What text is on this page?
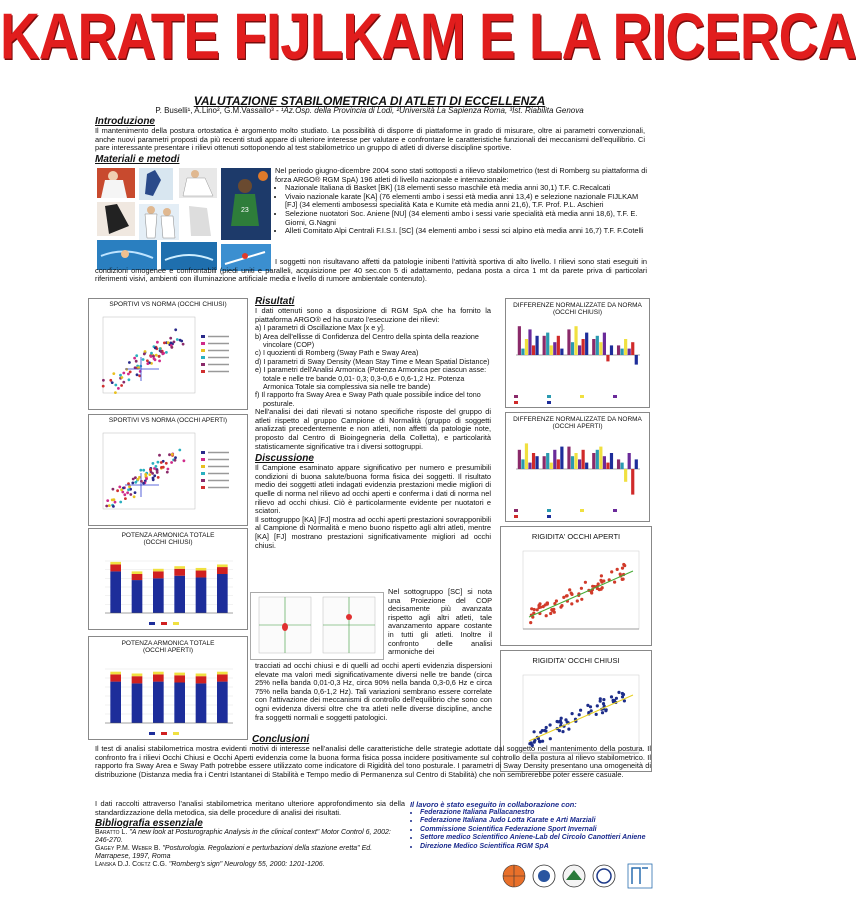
KARATE FIJLKAM E LA RICERCA
VALUTAZIONE STABILOMETRICA DI ATLETI DI ECCELLENZA
P. Buselli¹, A.Lino², G.M.Vassallo³ - ¹Az.Osp. della Provincia di Lodi, ²Università La Sapienza Roma, ³Ist. Riabilita Genova
Introduzione
Il mantenimento della postura ortostatica è argomento molto studiato. La possibilità di disporre di piattaforme in grado di misurare, oltre ai parametri convenzionali, anche nuovi parametri proposti da più recenti studi appare di ulteriore interesse per valutare e confrontare le caratteristiche funzionali dei meccanismi dell'equilibrio. Ci pare interessante presentare i rilievi ottenuti sottoponendo al test stabilometrico un gruppo di atleti di diverse discipline sportive.
Materiali e metodi
23
Nel periodo giugno-dicembre 2004 sono stati sottoposti a rilievo stabilometrico (test di Romberg su piattaforma di forza ARGO® RGM SpA) 196 atleti di livello nazionale e internazionale:
• Nazionale Italiana di Basket [BK] (18 elementi sesso maschile età media anni 30,1) T.F. C.Recalcati
• Vivaio nazionale karate [KA] (76 elementi ambo i sessi età media anni 13,4) e selezione nazionale FIJLKAM [FJ] (34 elementi ambosessi specialità Kata e Kumite età media anni 21,6), T.F. Prof. P.L. Aschieri
• Selezione nuotatori Soc. Aniene [NU] (34 elementi ambo i sessi varie specialità età media anni 18,6), T.F. E. Giorni, G.Nagni
• Alleti Comitato Alpi Centrali F.I.S.I. [SC] (34 elementi ambo i sessi sci alpino età media anni 16,7) T.F. F.Cotelli
I soggetti non risultavano affetti da patologie inibenti l'attività sportiva di alto livello. I rilievi sono stati eseguiti in condizioni omogenee e confrontabili (piedi uniti e paralleli, acquisizione per 40 sec.con 5 di adattamento, pedana posta a circa 1 mt da parete priva di particolari riferimenti visivi, ambienti con illuminazione artificiale media e livello di rumore ambientale contenuto).
SPORTIVI VS NORMA (OCCHI CHIUSI)
SPORTIVI VS NORMA (OCCHI APERTI)
POTENZA ARMONICA TOTALE
(OCCHI CHIUSI)
POTENZA ARMONICA TOTALE
(OCCHI APERTI)
Risultati
I dati ottenuti sono a disposizione di RGM SpA che ha fornito la piattaforma ARGO® ed ha curato l'esecuzione dei rilievi:
a) I parametri di Oscillazione Max [x e y].
b) Area dell'ellisse di Confidenza del Centro della spinta della reazione vincolare (COP)
c) I quozienti di Romberg (Sway Path e Sway Area)
d) I parametri di Sway Density (Mean Stay Time e Mean Spatial Distance)
e) I parametri dell'Analisi Armonica (Potenza Armonica per ciascun asse: totale e nelle tre bande 0,01- 0,3; 0,3-0,6 e 0,6-1,2 Hz. Potenza Armonica Totale sia complessiva sia nelle tre bande)
f) Il rapporto fra Sway Area e Sway Path quale possibile indice del tono posturale.
Nell'analisi dei dati rilevati si notano specifiche risposte del gruppo di atleti rispetto al gruppo Campione di Normalità (gruppo di soggetti analizzati precedentemente e non atleti, non affetti da patologie note, proposto dal Centro di Bioingegneria della Colletta), e particolarità statisticamente significative tra i diversi sottogruppi.
Discussione
Il Campione esaminato appare significativo per numero e presumibili condizioni di buona salute/buona forma fisica dei soggetti. Il risultato medio dei soggetti atleti indagati evidenzia prestazioni medie migliori di quelle di norma nel rilievo ad occhi aperti e conferma i dati di norma nel rilievo ad occhi chiusi. Ciò è particolarmente evidente per nuotatori e sciatori.
Il sottogruppo [KA] [FJ] mostra ad occhi aperti prestazioni sovrapponibili al Campione di Normalità e meno buono rispetto agli altri atleti, mentre [KA] [FJ] mostrano prestazioni significativamente migliori ad occhi chiusi.
Nel sottogruppo [SC] si nota una Proiezione del COP decisamente più avanzata rispetto agli altri atleti, tale avanzamento appare costante in tutti gli atleti. Inoltre il confronto delle analisi armoniche dei
tracciati ad occhi chiusi e di quelli ad occhi aperti evidenzia dispersioni elevate ma valori medi significativamente diversi nelle tre bande (circa 25% nella banda 0,01-0,3 Hz, circa 90% nella banda 0,3-0,6 Hz e circa 75% nella banda 0,6-1,2 Hz). Tali variazioni sembrano essere correlate con l'attivazione dei meccanismi di controllo dell'equilibrio che sono con ogni evidenza diversi oltre che tra atleti nelle diverse discipline, anche fra soggetti normali e soggetti patologici.
DIFFERENZE NORMALIZZATE DA NORMA
(OCCHI CHIUSI)
DIFFERENZE NORMALIZZATE DA NORMA
(OCCHI APERTI)
RIGIDITA' OCCHI APERTI
RIGIDITA' OCCHI CHIUSI
Conclusioni
Il test di analisi stabilometrica mostra evidenti motivi di interesse nell'analisi delle caratteristiche delle strategie adottate dal soggetto nel mantenimento della postura. Il confronto fra i rilievi Occhi Chiusi e Occhi Aperti evidenzia come la buona forma fisica possa incidere positivamente sul controllo della postura al rilievo stabilometrico. Il rapporto fra Sway Area e Sway Path potrebbe essere utilizzato come indicatore di Rigidità del tono posturale. I parametri di Sway Density presentano una omogeneità di distribuzione (Distanza media fra i Centri Istantanei di Stabilità e Tempo medio di Permanenza sul Centro di Stabilità) che non sembrerebbe poter essere casuale.
I dati raccolti attraverso l'analisi stabilometrica meritano ulteriore approfondimento sia della standardizzazione della metodica, sia delle procedure di analisi dei risultati.
Bibliografia essenziale
Baratto L. "A new look at Posturographic Analysis in the clinical context" Motor Control 6, 2002: 246-270.
Gagey P.M. Weber B. "Posturologia. Regolazioni e perturbazioni della stazione eretta" Ed. Marrapese, 1997, Roma
Lanska D.J. Coetz C.G. "Romberg's sign" Neurology 55, 2000: 1201-1206.
Il lavoro è stato eseguito in collaborazione con:
• Federazione Italiana Pallacanestro
• Federazione Italiana Judo Lotta Karate e Arti Marziali
• Commissione Scientifica Federazione Sport Invernali
• Settore medico Scientifico Aniene-Lab del Circolo Canottieri Aniene
• Direzione Medico Scientifica RGM SpA
